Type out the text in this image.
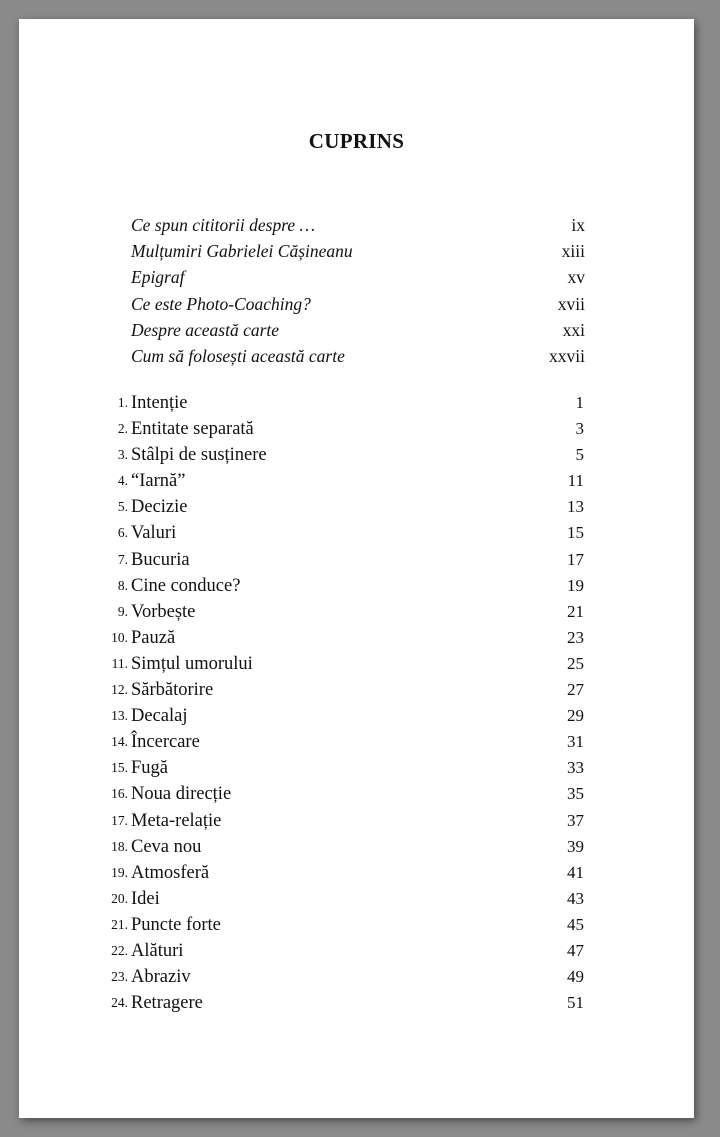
CUPRINS
Ce spun cititorii despre …	ix
Mulțumiri Gabrielei Cășineanu	xiii
Epigraf	xv
Ce este Photo-Coaching?	xvii
Despre această carte	xxi
Cum să folosești această carte	xxvii
1. Intenție	1
2. Entitate separată	3
3. Stâlpi de susținere	5
4. “Iarnă”	11
5. Decizie	13
6. Valuri	15
7. Bucuria	17
8. Cine conduce?	19
9. Vorbește	21
10. Pauză	23
11. Simțul umorului	25
12. Sărbătorire	27
13. Decalaj	29
14. Încercare	31
15. Fugă	33
16. Noua direcție	35
17. Meta-relație	37
18. Ceva nou	39
19. Atmosferă	41
20. Idei	43
21. Puncte forte	45
22. Alături	47
23. Abraziv	49
24. Retragere	51
